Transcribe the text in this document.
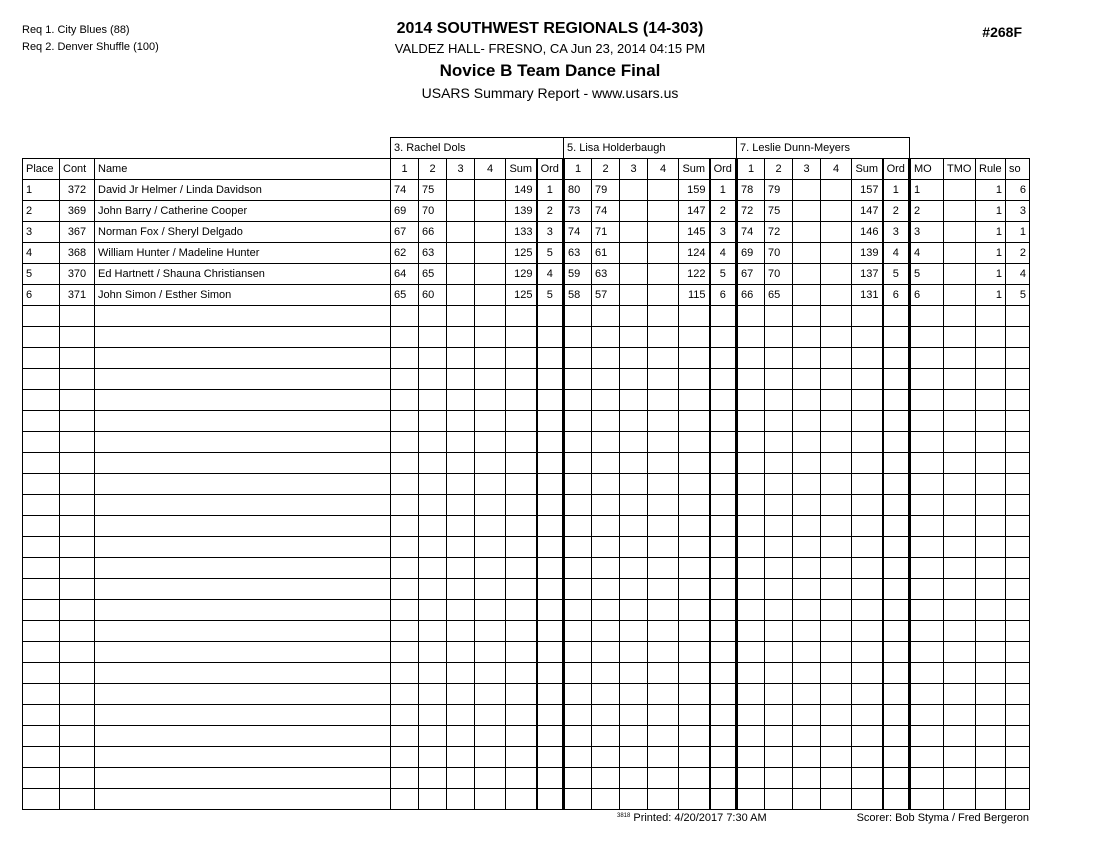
Req 1. City Blues (88)
Req 2. Denver Shuffle (100)
#268F
2014 SOUTHWEST REGIONALS (14-303)
VALDEZ HALL- FRESNO, CA Jun 23, 2014 04:15 PM
Novice B Team Dance Final
USARS Summary Report - www.usars.us
			3. Rachel Dols						5. Lisa Holderbaugh						7. Leslie Dunn-Meyers									
Place	Cont	Name	1	2	3	4	Sum	Ord	1	2	3	4	Sum	Ord	1	2	3	4	Sum	Ord	MO	TMO	Rule	so
1	372	David Jr Helmer / Linda Davidson	74	75			149	1	80	79			159	1	78	79			157	1	1		1	6
2	369	John Barry / Catherine Cooper	69	70			139	2	73	74			147	2	72	75			147	2	2		1	3
3	367	Norman Fox / Sheryl Delgado	67	66			133	3	74	71			145	3	74	72			146	3	3		1	1
4	368	William Hunter / Madeline Hunter	62	63			125	5	63	61			124	4	69	70			139	4	4		1	2
5	370	Ed Hartnett / Shauna Christiansen	64	65			129	4	59	63			122	5	67	70			137	5	5		1	4
6	371	John Simon / Esther Simon	65	60			125	5	58	57			115	6	66	65			131	6	6		1	5

3818 Printed: 4/20/2017 7:30 AM	Scorer: Bob Styma / Fred Bergeron
